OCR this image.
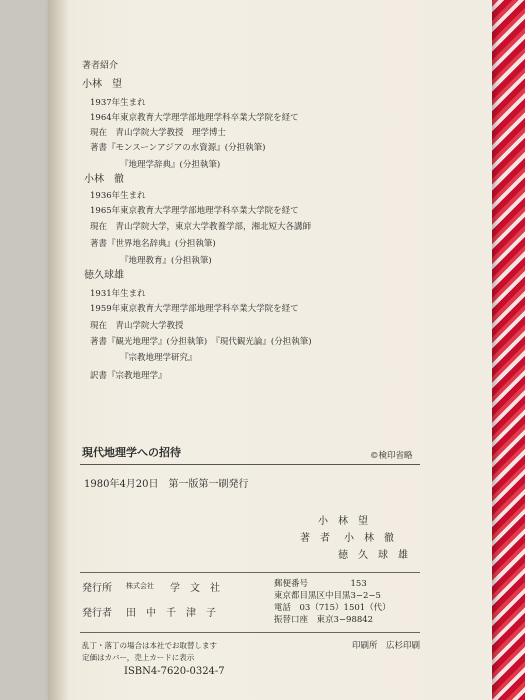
著者紹介
小林　望
1937年生まれ
1964年東京教育大学理学部地理学科卒業大学院を経て
現在　青山学院大学教授　理学博士
著書『モンスーンアジアの水資源』(分担執筆)
『地理学辞典』(分担執筆)
小林　徹
1936年生まれ
1965年東京教育大学理学部地理学科卒業大学院を経て
現在　青山学院大学，東京大学教養学部，湘北短大各講師
著書『世界地名辞典』(分担執筆)
『地理教育』(分担執筆)
徳久球雄
1931年生まれ
1959年東京教育大学理学部地理学科卒業大学院を経て
現在　青山学院大学教授
著書『観光地理学』(分担執筆)　『現代観光論』(分担執筆)
『宗教地理学研究』
訳書『宗教地理学』
現代地理学への招待	©検印省略
1980年4月20日　第一版第一刷発行
小　林　望
著　者 小　林　徹
徳　久　球　雄
発行所 株式会社 学　文　社
発行者 田　中　千　津　子
郵便番号　　　　　153
東京都目黒区中目黒3−2−5
電話　03（715）1501（代）
振替口座　東京3−98842
乱丁・落丁の場合は本社でお取替します
定価はカバー，売上カードに表示
印刷所　広杉印刷
ISBN4-7620-0324-7
